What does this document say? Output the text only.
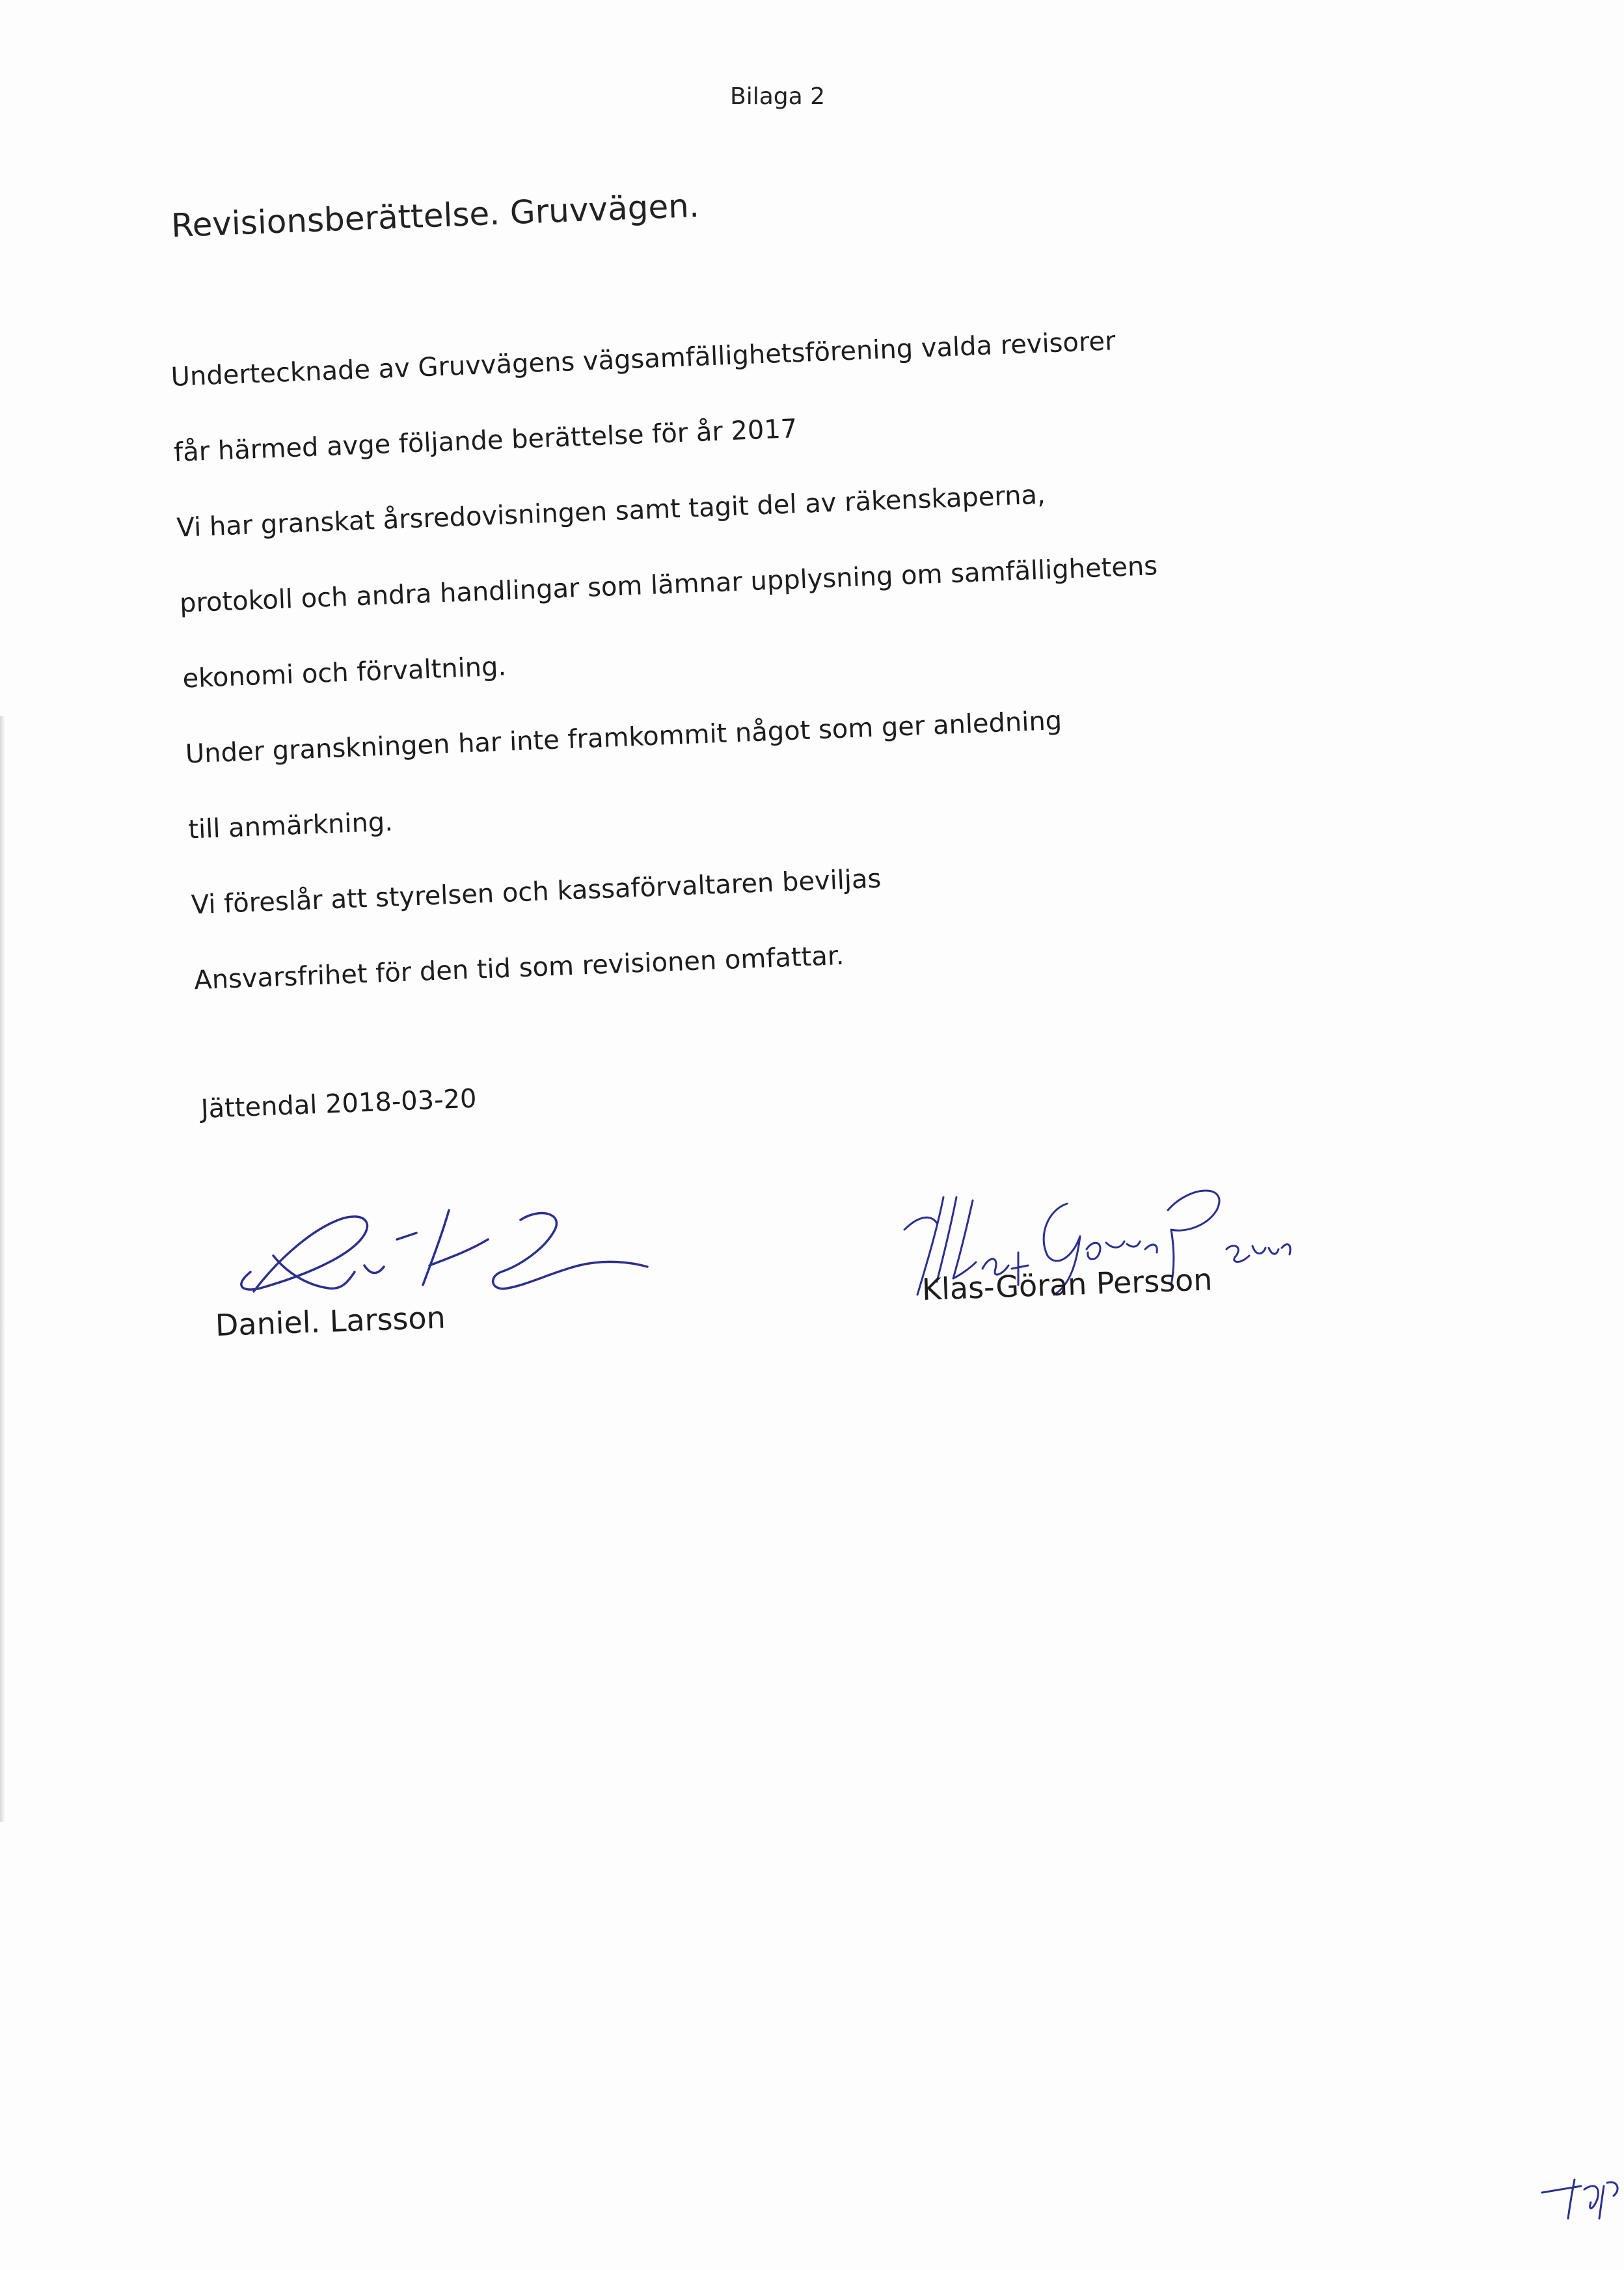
Bilaga 2
Revisionsberättelse. Gruvvägen.
Undertecknade av Gruvvägens vägsamfällighetsförening valda revisorer
får härmed avge följande berättelse för år 2017
Vi har granskat årsredovisningen samt tagit del av räkenskaperna,
protokoll och andra handlingar som lämnar upplysning om samfällighetens
ekonomi och förvaltning.
Under granskningen har inte framkommit något som ger anledning
till anmärkning.
Vi föreslår att styrelsen och kassaförvaltaren beviljas
Ansvarsfrihet för den tid som revisionen omfattar.
Jättendal 2018-03-20
Daniel. Larsson
Klas-Göran Persson
